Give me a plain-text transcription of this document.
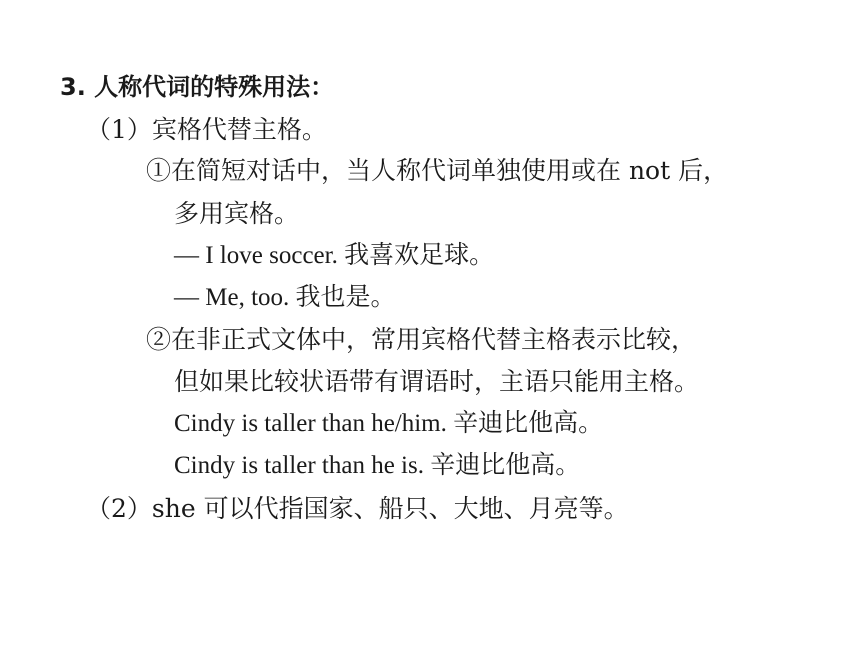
3. 人称代词的特殊用法：
（1）宾格代替主格。
①在简短对话中，当人称代词单独使用或在 not 后，
多用宾格。
— I love soccer. 我喜欢足球。
— Me, too. 我也是。
②在非正式文体中，常用宾格代替主格表示比较，
但如果比较状语带有谓语时，主语只能用主格。
Cindy is taller than he/him. 辛迪比他高。
Cindy is taller than he is. 辛迪比他高。
（2）she 可以代指国家、船只、大地、月亮等。
